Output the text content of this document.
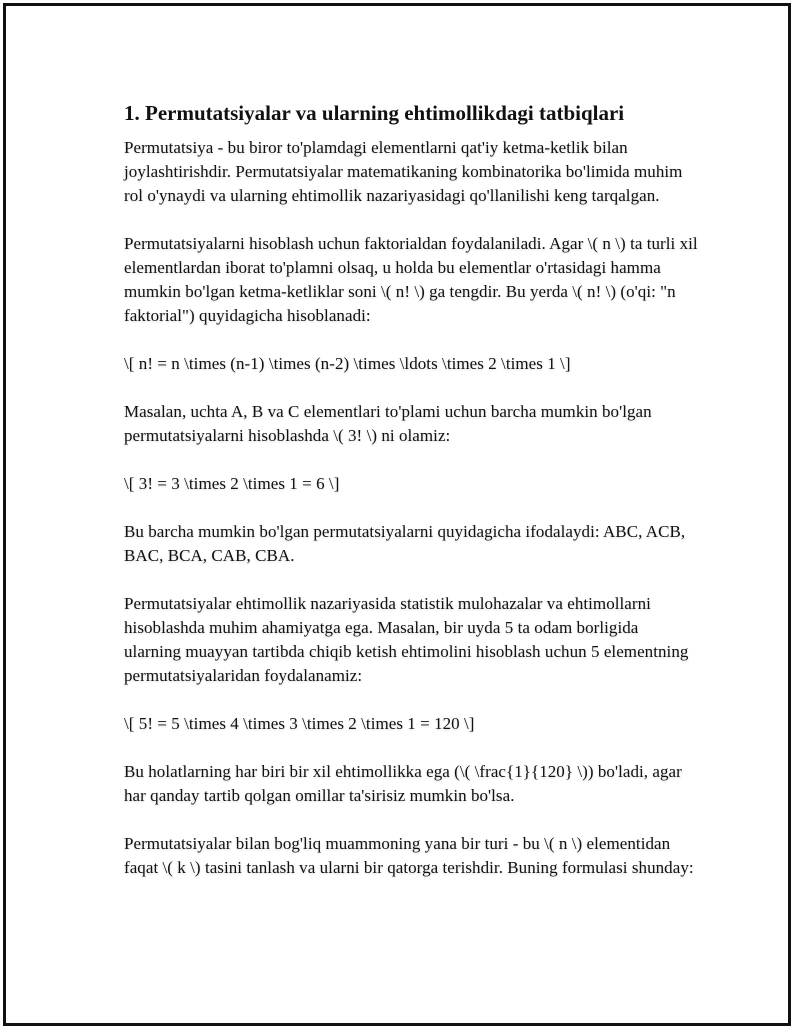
1. Permutatsiyalar va ularning ehtimollikdagi tatbiqlari

Permutatsiya - bu biror to'plamdagi elementlarni qat'iy ketma-ketlik bilan joylashtirishdir. Permutatsiyalar matematikaning kombinatorika bo'limida muhim rol o'ynaydi va ularning ehtimollik nazariyasidagi qo'llanilishi keng tarqalgan.

Permutatsiyalarni hisoblash uchun faktorialdan foydalaniladi. Agar \( n \) ta turli xil elementlardan iborat to'plamni olsaq, u holda bu elementlar o'rtasidagi hamma mumkin bo'lgan ketma-ketliklar soni \( n! \) ga tengdir. Bu yerda \( n! \) (o'qi: "n faktorial") quyidagicha hisoblanadi:

\[ n! = n \times (n-1) \times (n-2) \times \ldots \times 2 \times 1 \]

Masalan, uchta A, B va C elementlari to'plami uchun barcha mumkin bo'lgan permutatsiyalarni hisoblashda \( 3! \) ni olamiz:

\[ 3! = 3 \times 2 \times 1 = 6 \]

Bu barcha mumkin bo'lgan permutatsiyalarni quyidagicha ifodalaydi: ABC, ACB, BAC, BCA, CAB, CBA.

Permutatsiyalar ehtimollik nazariyasida statistik mulohazalar va ehtimollarni hisoblashda muhim ahamiyatga ega. Masalan, bir uyda 5 ta odam borligida ularning muayyan tartibda chiqib ketish ehtimolini hisoblash uchun 5 elementning permutatsiyalaridan foydalanamiz:

\[ 5! = 5 \times 4 \times 3 \times 2 \times 1 = 120 \]

Bu holatlarning har biri bir xil ehtimollikka ega (\( \frac{1}{120} \)) bo'ladi, agar har qanday tartib qolgan omillar ta'sirisiz mumkin bo'lsa.

Permutatsiyalar bilan bog'liq muammoning yana bir turi - bu \( n \) elementidan faqat \( k \) tasini tanlash va ularni bir qatorga terishdir. Buning formulasi shunday:
